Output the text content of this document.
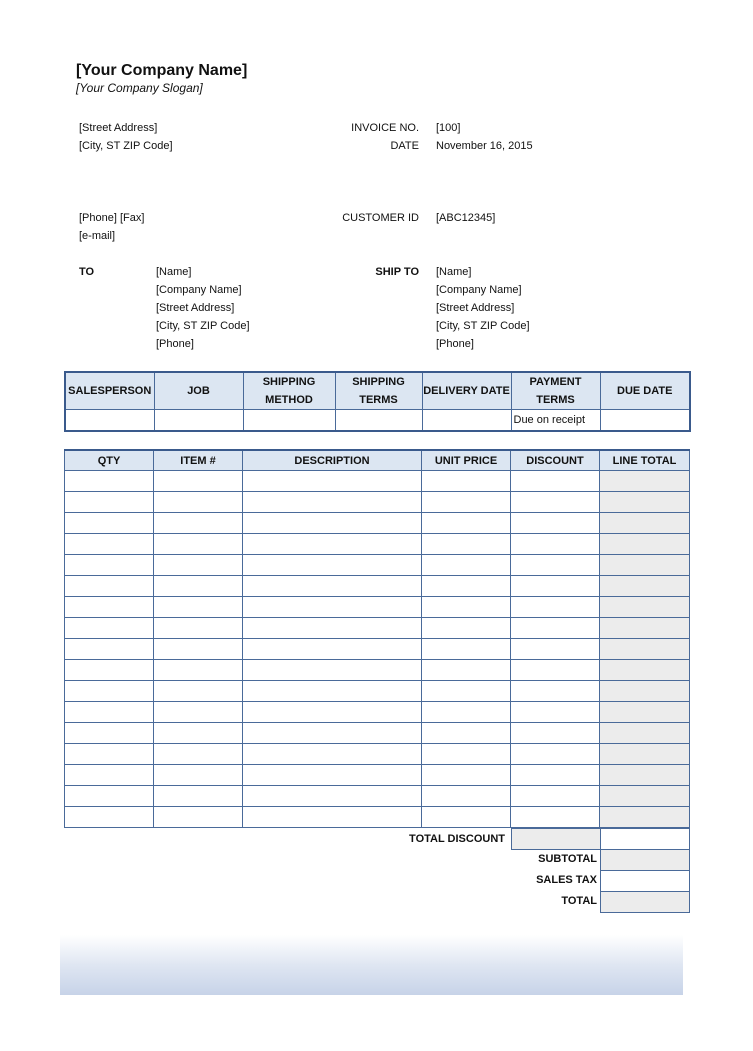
[Your Company Name]
[Your Company Slogan]
[Street Address]
[City, ST ZIP Code]
[Phone] [Fax]
[e-mail]
INVOICE NO. [100]
DATE November 16, 2015
CUSTOMER ID [ABC12345]
TO	[Name]
[Company Name]
[Street Address]
[City, ST ZIP Code]
[Phone]
SHIP TO [Name]
[Company Name]
[Street Address]
[City, ST ZIP Code]
[Phone]
SALESPERSON	JOB	SHIPPING METHOD	SHIPPING TERMS	DELIVERY DATE	PAYMENT TERMS	DUE DATE
					Due on receipt	
QTY	ITEM #	DESCRIPTION	UNIT PRICE	DISCOUNT	LINE TOTAL

TOTAL DISCOUNT
SUBTOTAL
SALES TAX
TOTAL
